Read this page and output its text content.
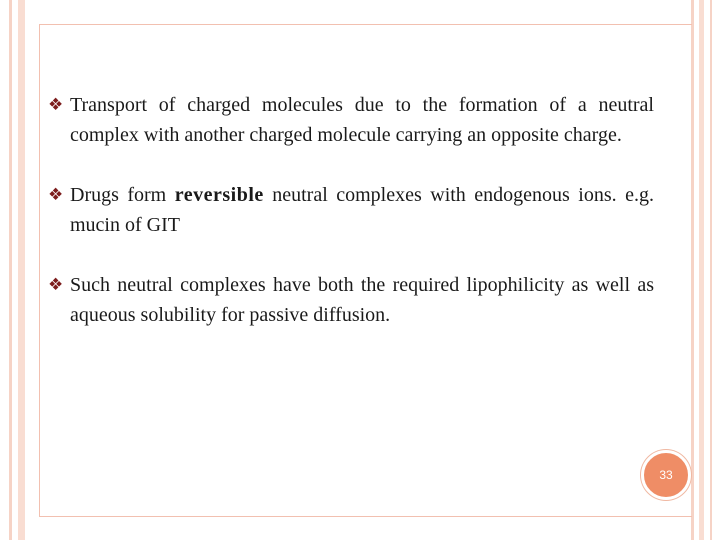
❖ Transport of charged molecules due to the formation of a neutral complex with another charged molecule carrying an opposite charge.
❖ Drugs form reversible neutral complexes with endogenous ions. e.g. mucin of GIT
❖ Such neutral complexes have both the required lipophilicity as well as aqueous solubility for passive diffusion.
33
